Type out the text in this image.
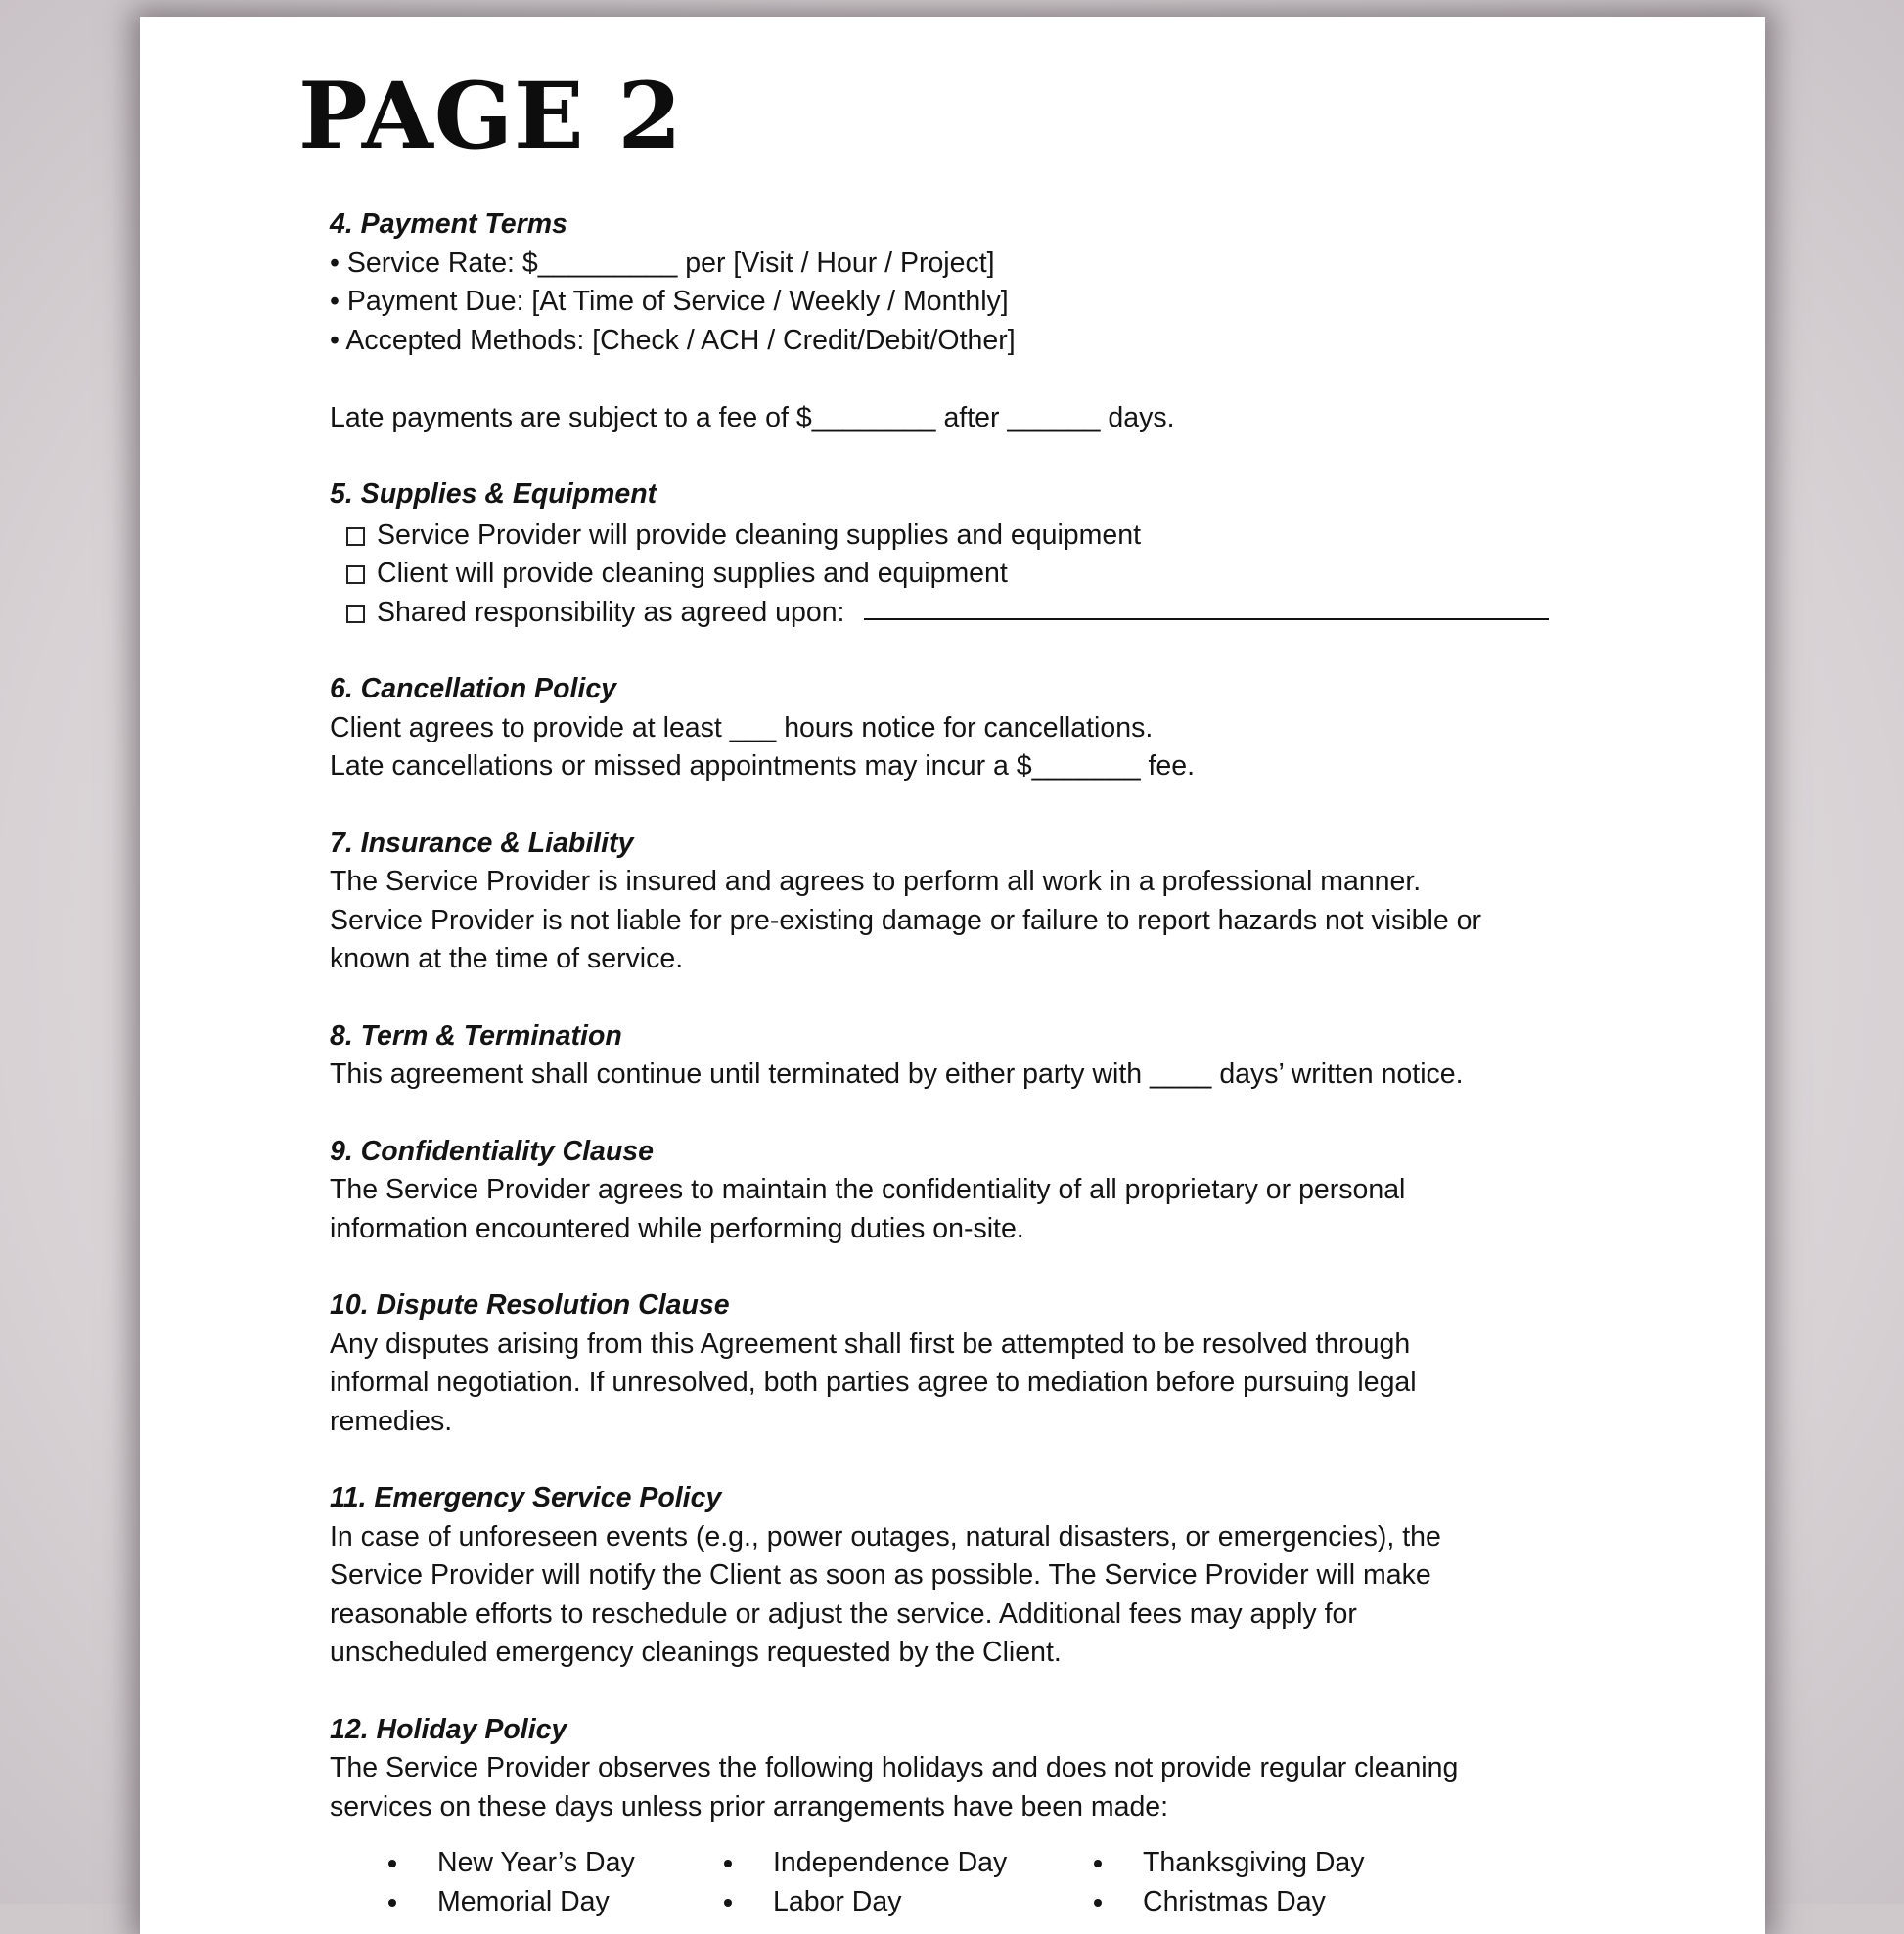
PAGE 2
4. Payment Terms
• Service Rate: $_________ per [Visit / Hour / Project]
• Payment Due: [At Time of Service / Weekly / Monthly]
• Accepted Methods: [Check / ACH / Credit/Debit/Other]
Late payments are subject to a fee of $________ after ______ days.
5. Supplies & Equipment
Service Provider will provide cleaning supplies and equipment
Client will provide cleaning supplies and equipment
Shared responsibility as agreed upon:
6. Cancellation Policy
Client agrees to provide at least ___ hours notice for cancellations.
Late cancellations or missed appointments may incur a $_______ fee.
7. Insurance & Liability
The Service Provider is insured and agrees to perform all work in a professional manner.
Service Provider is not liable for pre-existing damage or failure to report hazards not visible or
known at the time of service.
8. Term & Termination
This agreement shall continue until terminated by either party with ____ days’ written notice.
9. Confidentiality Clause
The Service Provider agrees to maintain the confidentiality of all proprietary or personal
information encountered while performing duties on-site.
10. Dispute Resolution Clause
Any disputes arising from this Agreement shall first be attempted to be resolved through
informal negotiation. If unresolved, both parties agree to mediation before pursuing legal
remedies.
11. Emergency Service Policy
In case of unforeseen events (e.g., power outages, natural disasters, or emergencies), the
Service Provider will notify the Client as soon as possible. The Service Provider will make
reasonable efforts to reschedule or adjust the service. Additional fees may apply for
unscheduled emergency cleanings requested by the Client.
12. Holiday Policy
The Service Provider observes the following holidays and does not provide regular cleaning
services on these days unless prior arrangements have been made:
New Year’s Day
Memorial Day
Independence Day
Labor Day
Thanksgiving Day
Christmas Day
